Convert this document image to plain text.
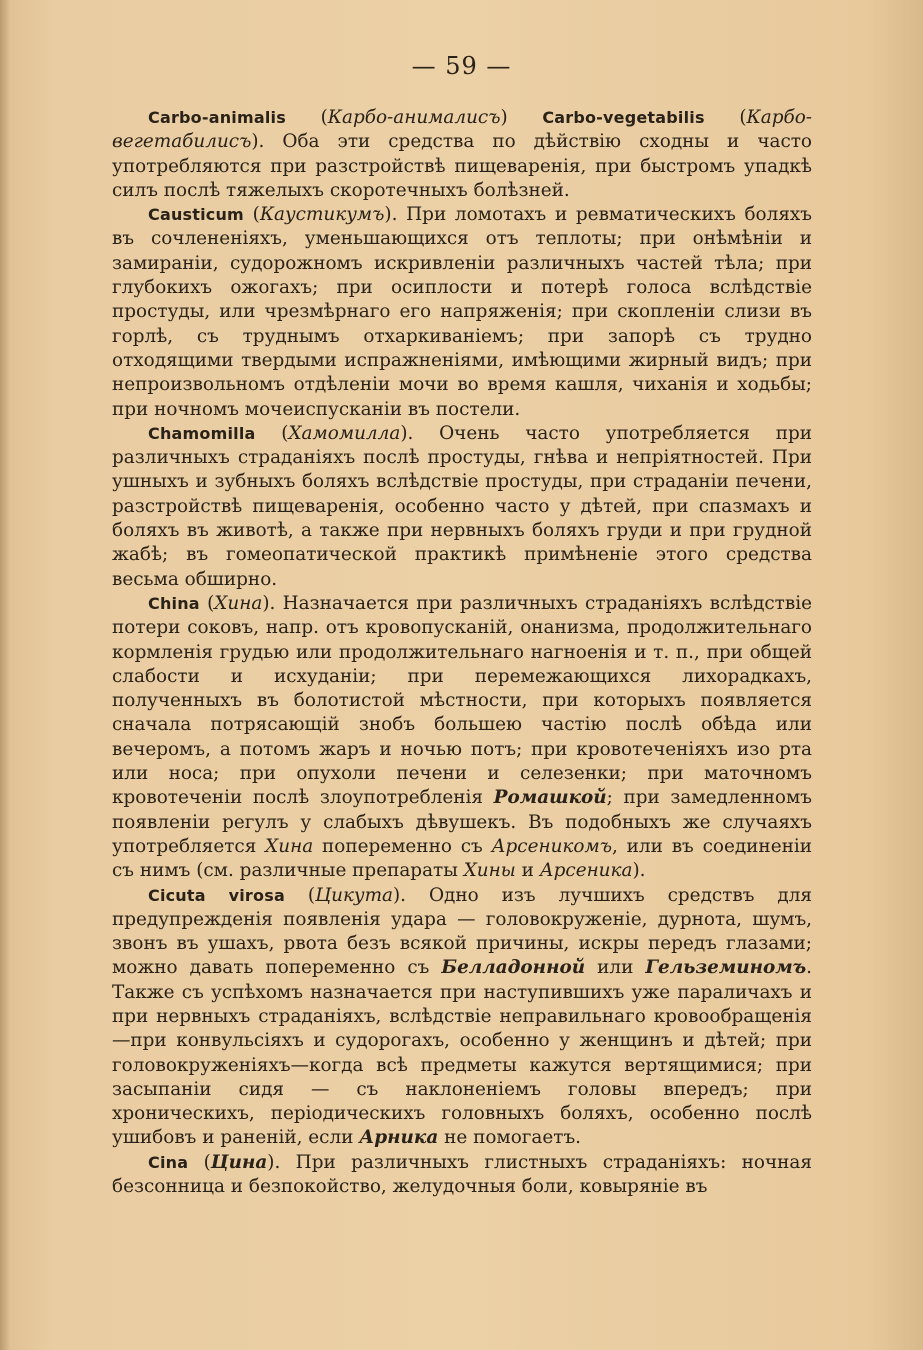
— 59 —

Carbo-animalis (Карбо-анималисъ) Carbo-vegetabilis (Карбо-вегетабилисъ). Оба эти средства по дѣйствiю сходны и часто употребляются при разстройствѣ пищеваренiя, при быстромъ упадкѣ силъ послѣ тяжелыхъ скоротечныхъ болѣзней.

Causticum (Каустикумъ). При ломотахъ и ревматическихъ боляхъ въ сочлененiяхъ, уменьшающихся отъ теплоты; при онѣмѣнiи и замиранiи, судорожномъ искривленiи различныхъ частей тѣла; при глубокихъ ожогахъ; при осиплости и потерѣ голоса вслѣдствiе простуды, или чрезмѣрнаго его напряженiя; при скопленiи слизи въ горлѣ, съ труднымъ отхаркиванiемъ; при запорѣ съ трудно отходящими твердыми испражненiями, имѣющими жирный видъ; при непроизвольномъ отдѣленiи мочи во время кашля, чиханiя и ходьбы; при ночномъ мочеиспусканiи въ постели.

Chamomilla (Хамомилла). Очень часто употребляется при различныхъ страданiяхъ послѣ простуды, гнѣва и непрiятностей. При ушныхъ и зубныхъ боляхъ вслѣдствiе простуды, при страданiи печени, разстройствѣ пищеваренiя, особенно часто у дѣтей, при спазмахъ и боляхъ въ животѣ, а также при нервныхъ боляхъ груди и при грудной жабѣ; въ гомеопатической практикѣ примѣненiе этого средства весьма обширно.

China (Хина). Назначается при различныхъ страданiяхъ вслѣдствiе потери соковъ, напр. отъ кровопусканiй, онанизма, продолжительнаго кормленiя грудью или продолжительнаго нагноенiя и т. п., при общей слабости и исхуданiи; при перемежающихся лихорадкахъ, полученныхъ въ болотистой мѣстности, при которыхъ появляется сначала потрясающiй знобъ большею частiю послѣ обѣда или вечеромъ, а потомъ жаръ и ночью потъ; при кровотеченiяхъ изо рта или носа; при опухоли печени и селезенки; при маточномъ кровотеченiи послѣ злоупотребленiя Ромашкой; при замедленномъ появленiи регулъ у слабыхъ дѣвушекъ. Въ подобныхъ же случаяхъ употребляется Хина попеременно съ Арсеникомъ, или въ соединенiи съ нимъ (см. различные препараты Хины и Арсеника).

Cicuta virosa (Цикута). Одно изъ лучшихъ средствъ для предупрежденiя появленiя удара — головокруженiе, дурнота, шумъ, звонъ въ ушахъ, рвота безъ всякой причины, искры передъ глазами; можно давать попеременно съ Белладонной или Гельземиномъ. Также съ успѣхомъ назначается при наступившихъ уже параличахъ и при нервныхъ страданiяхъ, вслѣдствiе неправильнаго кровообращенiя—при конвульсiяхъ и судорогахъ, особенно у женщинъ и дѣтей; при головокруженiяхъ—когда всѣ предметы кажутся вертящимися; при засыпанiи сидя — съ наклоненiемъ головы впередъ; при хроническихъ, перiодическихъ головныхъ боляхъ, особенно послѣ ушибовъ и раненiй, если Арника не помогаетъ.

Cina (Цина). При различныхъ глистныхъ страданiяхъ: ночная безсонница и безпокойство, желудочныя боли, ковырянiе въ
